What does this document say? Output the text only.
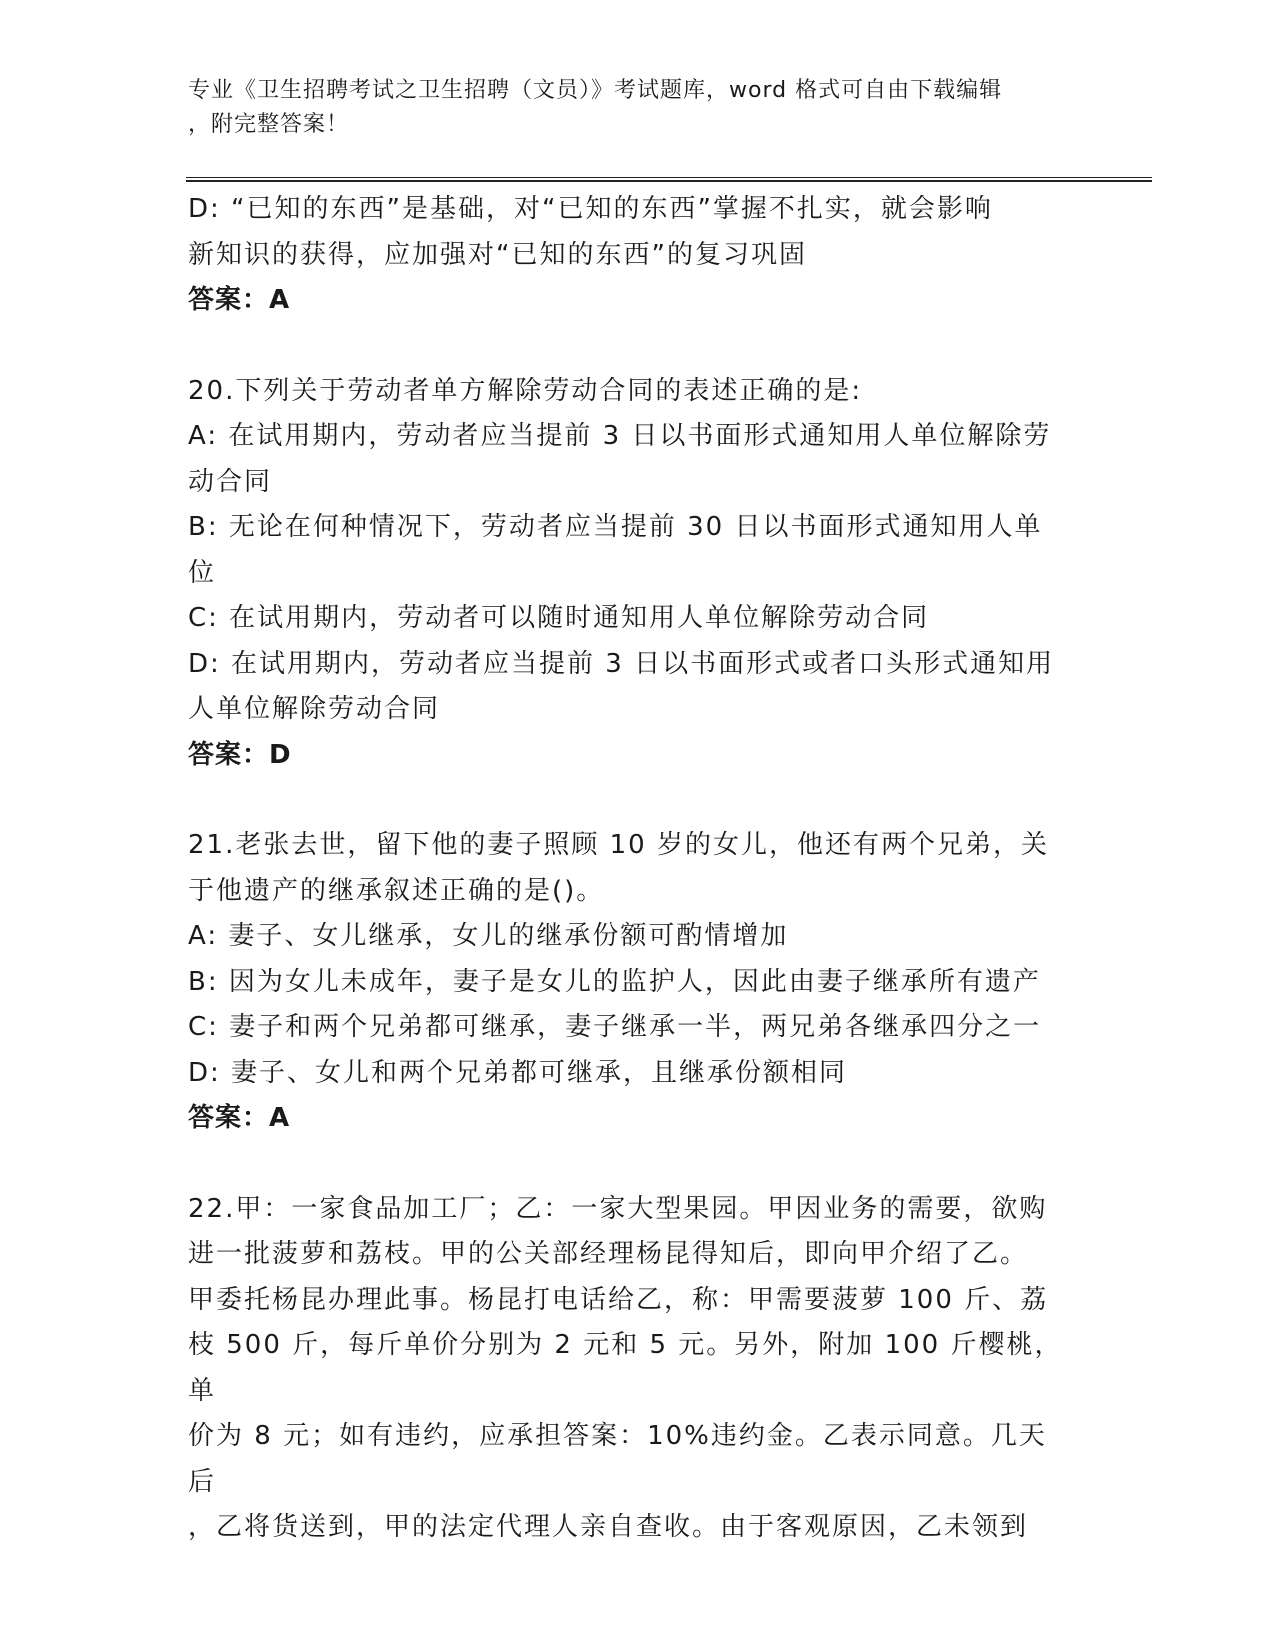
专业《卫生招聘考试之卫生招聘（文员）》考试题库，word 格式可自由下载编辑
，附完整答案！

D: “已知的东西”是基础，对“已知的东西”掌握不扎实，就会影响

新知识的获得，应加强对“已知的东西”的复习巩固

答案：A

20.下列关于劳动者单方解除劳动合同的表述正确的是:

A: 在试用期内，劳动者应当提前 3 日以书面形式通知用人单位解除劳

动合同

B: 无论在何种情况下，劳动者应当提前 30 日以书面形式通知用人单

位

C: 在试用期内，劳动者可以随时通知用人单位解除劳动合同

D: 在试用期内，劳动者应当提前 3 日以书面形式或者口头形式通知用

人单位解除劳动合同

答案：D

21.老张去世，留下他的妻子照顾 10 岁的女儿，他还有两个兄弟，关

于他遗产的继承叙述正确的是()。

A: 妻子、女儿继承，女儿的继承份额可酌情增加

B: 因为女儿未成年，妻子是女儿的监护人，因此由妻子继承所有遗产

C: 妻子和两个兄弟都可继承，妻子继承一半，两兄弟各继承四分之一

D: 妻子、女儿和两个兄弟都可继承，且继承份额相同

答案：A

22.甲：一家食品加工厂；乙：一家大型果园。甲因业务的需要，欲购

进一批菠萝和荔枝。甲的公关部经理杨昆得知后，即向甲介绍了乙。

甲委托杨昆办理此事。杨昆打电话给乙，称：甲需要菠萝 100 斤、荔

枝 500 斤，每斤单价分别为 2 元和 5 元。另外，附加 100 斤樱桃，单

价为 8 元；如有违约，应承担答案：10%违约金。乙表示同意。几天后

，乙将货送到，甲的法定代理人亲自查收。由于客观原因，乙未领到
